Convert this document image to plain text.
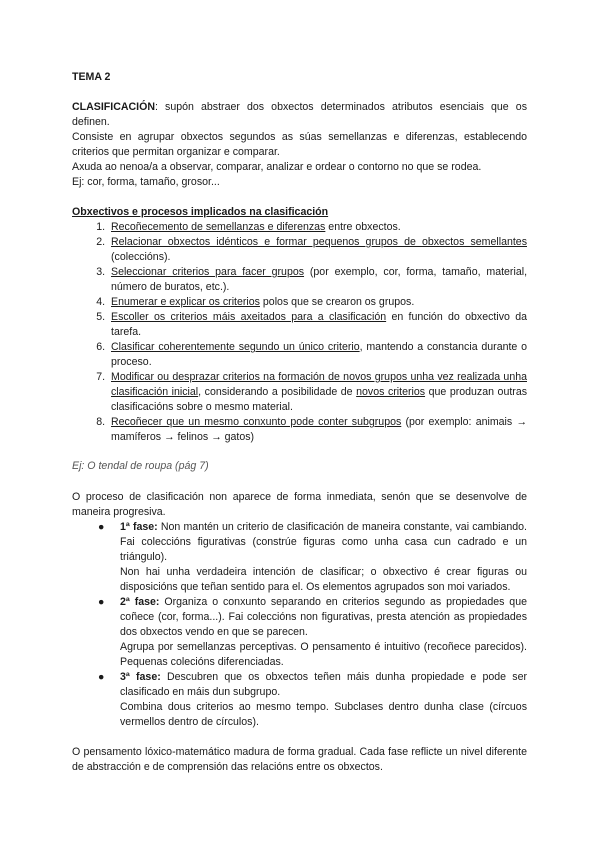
TEMA 2

CLASIFICACIÓN: supón abstraer dos obxectos determinados atributos esenciais que os definen.

Consiste en agrupar obxectos segundos as súas semellanzas e diferenzas, establecendo criterios que permitan organizar e comparar.

Axuda ao nenoa/a a observar, comparar, analizar e ordear o contorno no que se rodea.

Ej: cor, forma, tamaño, grosor...

Obxectivos e procesos implicados na clasificación

1. Recoñecemento de semellanzas e diferenzas entre obxectos.
2. Relacionar obxectos idénticos e formar pequenos grupos de obxectos semellantes (coleccións).
3. Seleccionar criterios para facer grupos (por exemplo, cor, forma, tamaño, material, número de buratos, etc.).
4. Enumerar e explicar os criterios polos que se crearon os grupos.
5. Escoller os criterios máis axeitados para a clasificación en función do obxectivo da tarefa.
6. Clasificar coherentemente segundo un único criterio, mantendo a constancia durante o proceso.
7. Modificar ou desprazar criterios na formación de novos grupos unha vez realizada unha clasificación inicial, considerando a posibilidade de novos criterios que produzan outras clasificacións sobre o mesmo material.
8. Recoñecer que un mesmo conxunto pode conter subgrupos (por exemplo: animais → mamíferos → felinos → gatos)

Ej: O tendal de roupa (pág 7)

O proceso de clasificación non aparece de forma inmediata, senón que se desenvolve de maneira progresiva.

● 1ª fase: Non mantén un criterio de clasificación de maneira constante, vai cambiando. Fai coleccións figurativas (constrúe figuras como unha casa cun cadrado e un triángulo).

Non hai unha verdadeira intención de clasificar; o obxectivo é crear figuras ou disposicións que teñan sentido para el. Os elementos agrupados son moi variados.

● 2ª fase: Organiza o conxunto separando en criterios segundo as propiedades que coñece (cor, forma...). Fai coleccións non figurativas, presta atención as propiedades dos obxectos vendo en que se parecen.

Agrupa por semellanzas perceptivas. O pensamento é intuitivo (recoñece parecidos). Pequenas colecións diferenciadas.

● 3ª fase: Descubren que os obxectos teñen máis dunha propiedade e pode ser clasificado en máis dun subgrupo.

Combina dous criterios ao mesmo tempo. Subclases dentro dunha clase (círcuos vermellos dentro de círculos).

O pensamento lóxico-matemático madura de forma gradual. Cada fase reflicte un nivel diferente de abstracción e de comprensión das relacións entre os obxectos.
